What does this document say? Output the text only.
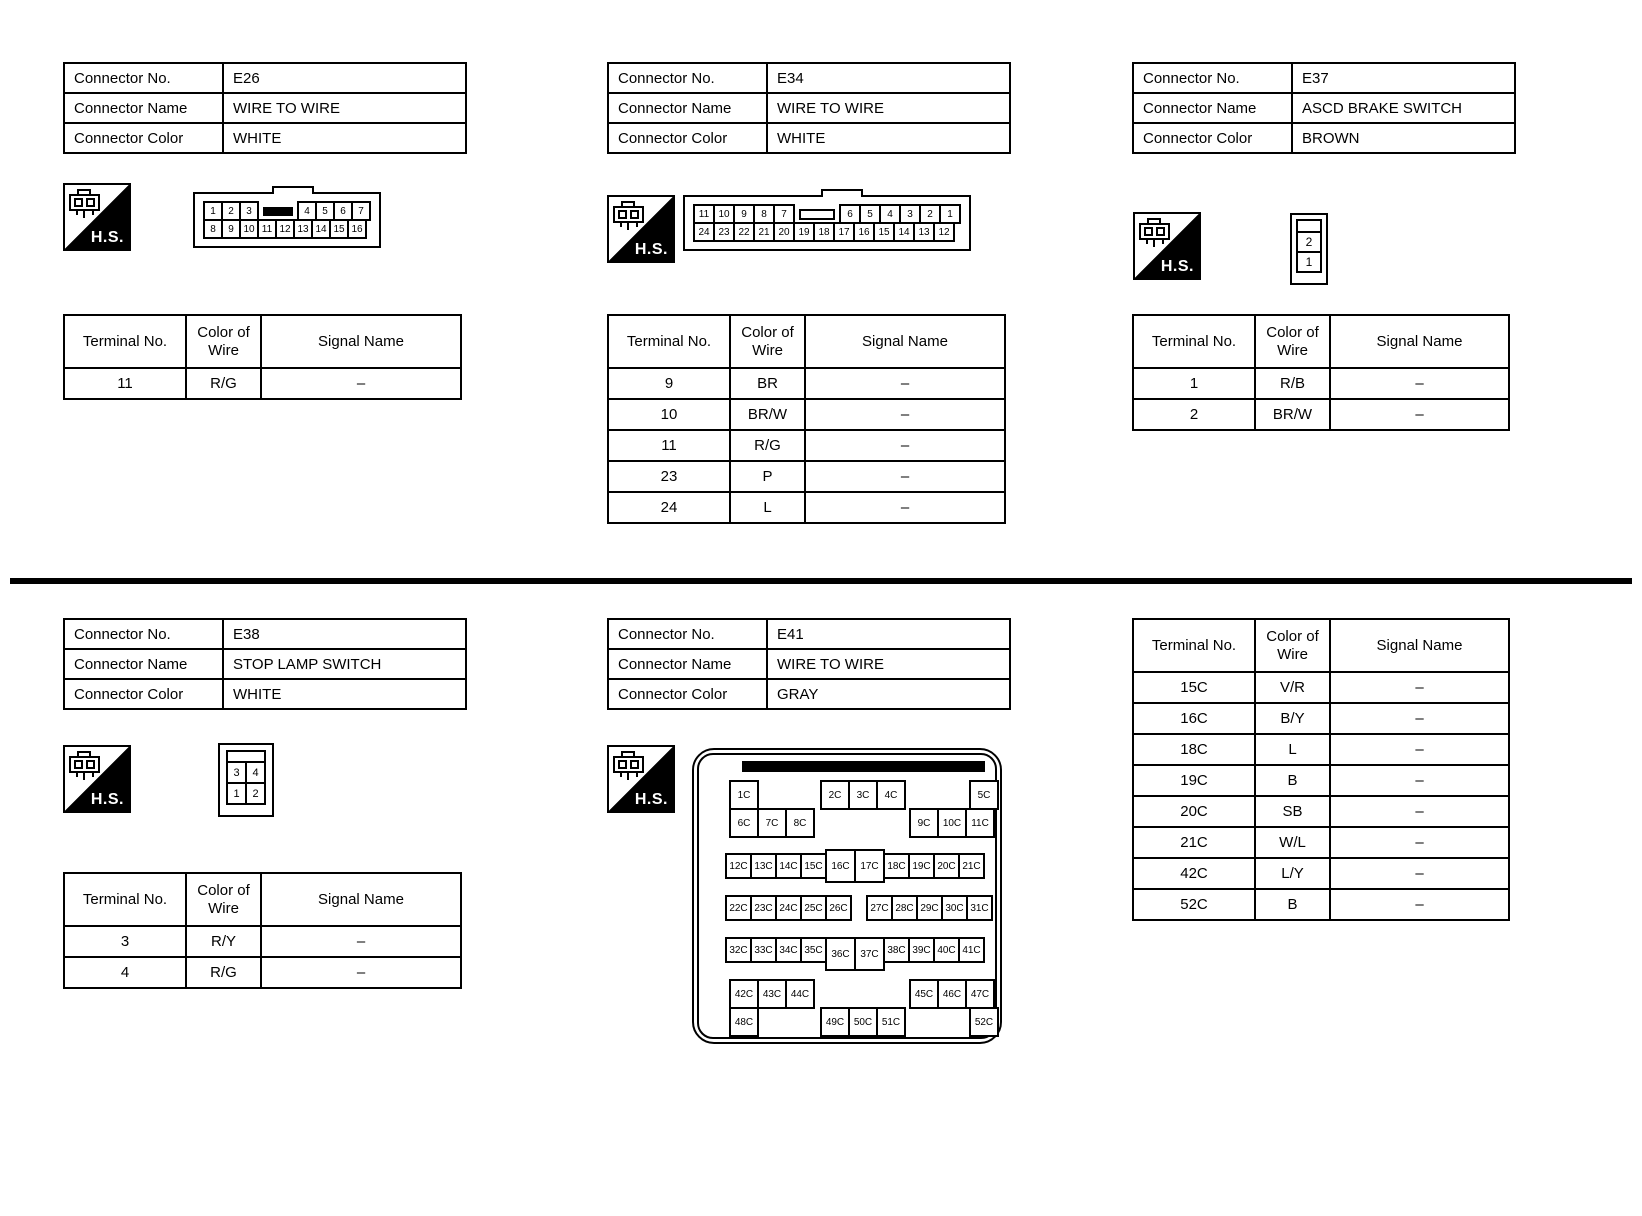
Connector No.	E26
Connector Name	WIRE TO WIRE
Connector Color	WHITE
H.S.
1	2	3	4	5	6	7
8	9 10 11 12 13 14 15 16
Terminal No.	Color of Wire	Signal Name
11	R/G	–
Connector No.	E34
Connector Name	WIRE TO WIRE
Connector Color	WHITE
H.S.
11 10	9	8	7	6	5	4	3	2	1
24 23 22 21 20 19 18 17 16 15 14 13 12
Terminal No.	Color of Wire	Signal Name
9	BR	–
10	BR/W	–
11	R/G	–
23	P	–
24	L	–
Connector No.	E37
Connector Name	ASCD BRAKE SWITCH
Connector Color	BROWN
H.S.
2
1
Terminal No.	Color of Wire	Signal Name
1	R/B	–
2	BR/W	–
Connector No.	E38
Connector Name	STOP LAMP SWITCH
Connector Color	WHITE
H.S.
3	4
1	2
Terminal No.	Color of Wire	Signal Name
3	R/Y	–
4	R/G	–
Connector No.	E41
Connector Name	WIRE TO WIRE
Connector Color	GRAY
H.S.	1C	2C	3C	4C	5C
6C	7C	8C	9C	10C	11C
12C 13C 14C 15C 16C	17C 18C 19C 20C 21C
22C 23C 24C 25C 26C	27C 28C 29C 30C 31C
32C 33C 34C 35C 36C	37C 38C 39C 40C 41C
42C 43C 44C	45C 46C 47C
48C	49C 50C 51C	52C
Terminal No.	Color of Wire	Signal Name
15C	V/R	–
16C	B/Y	–
18C	L	–
19C	B	–
20C	SB	–
21C	W/L	–
42C	L/Y	–
52C	B	–
